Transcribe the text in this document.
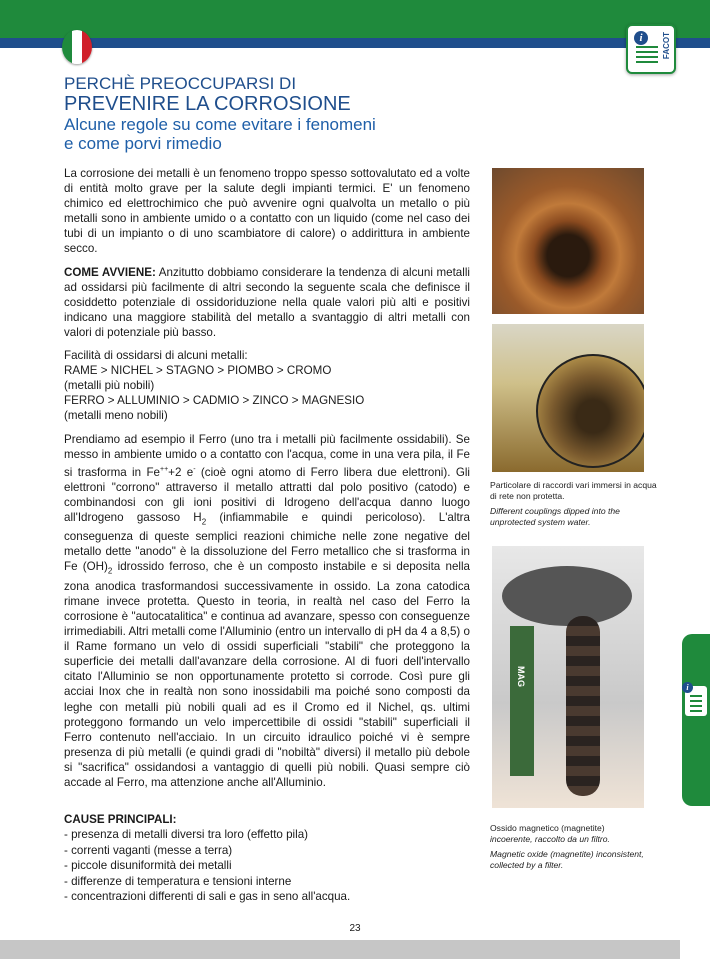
i	FACOT
PERCHÈ PREOCCUPARSI DI
PREVENIRE LA CORROSIONE
Alcune regole su come evitare i fenomeni
e come porvi rimedio

La corrosione dei metalli è un fenomeno troppo spesso sottovalutato ed a volte di entità molto grave per la salute degli impianti termici. E' un fenomeno chimico ed elettrochimico che può avvenire ogni qualvolta un metallo o più metalli sono in ambiente umido o a contatto con un liquido (come nel caso dei tubi di un impianto o di uno scambiatore di calore) o addirittura in ambiente secco.

COME AVVIENE: Anzitutto dobbiamo considerare la tendenza di alcuni metalli ad ossidarsi più facilmente di altri secondo la seguente scala che definisce il cosiddetto potenziale di ossidoriduzione nella quale valori più alti e positivi indicano una maggiore stabilità del metallo a svantaggio di altri metalli con valori di potenziale più basso.

Facilità di ossidarsi di alcuni metalli:

RAME > NICHEL > STAGNO > PIOMBO > CROMO

(metalli più nobili)

FERRO > ALLUMINIO > CADMIO > ZINCO > MAGNESIO

(metalli meno nobili)

Prendiamo ad esempio il Ferro (uno tra i metalli più facilmente ossidabili). Se messo in ambiente umido o a contatto con l'acqua, come in una vera pila, il Fe si trasforma in Fe+++2 e- (cioè ogni atomo di Ferro libera due elettroni). Gli elettroni "corrono" attraverso il metallo attratti dal polo positivo (catodo) e combinandosi con gli ioni positivi di Idrogeno dell'acqua danno luogo all'Idrogeno gassoso $H_2$ (infiammabile e quindi pericoloso). L'altra conseguenza di queste semplici reazioni chimiche nelle zone negative del metallo dette "anodo" è la dissoluzione del Ferro metallico che si trasforma in Fe $(OH)_2$ idrossido ferroso, che è un composto instabile e si deposita nella zona anodica trasformandosi successivamente in ossido. La zona catodica rimane invece protetta. Questo in teoria, in realtà nel caso del Ferro la corrosione è "autocatalitica" e continua ad avanzare, spesso con conseguenze irrimediabili. Altri metalli come l'Alluminio (entro un intervallo di pH da 4 a 8,5) o il Rame formano un velo di ossidi superficiali "stabili" che proteggono la superficie dei metalli dall'avanzare della corrosione. Al di fuori dell'intervallo citato l'Alluminio se non opportunamente protetto si corrode. Così pure gli acciai Inox che in realtà non sono inossidabili ma poiché sono composti da leghe con metalli più nobili quali ad es il Cromo ed il Nichel, qs. ultimi proteggono formando un velo impercettibile di ossidi "stabili" superficiali il Ferro contenuto nell'acciaio. In un circuito idraulico poiché vi è sempre presenza di più metalli (e quindi gradi di "nobiltà" diversi) il metallo più debole si "sacrifica" ossidandosi a vantaggio di quelli più nobili. Quasi sempre ciò accade al Ferro, ma attenzione anche all'Alluminio.

CAUSE PRINCIPALI:
- presenza di metalli diversi tra loro (effetto pila)
- correnti vaganti (messe a terra)
- piccole disuniformità dei metalli
- differenze di temperatura e tensioni interne
- concentrazioni differenti di sali e gas in seno all'acqua.
Particolare di raccordi vari immersi in acqua di rete non protetta.
Different couplings dipped into the unprotected system water.
MAG
Ossido magnetico (magnetite)
incoerente, raccolto da un filtro.
Magnetic oxide (magnetite) inconsistent, collected by a filter.
i
23
